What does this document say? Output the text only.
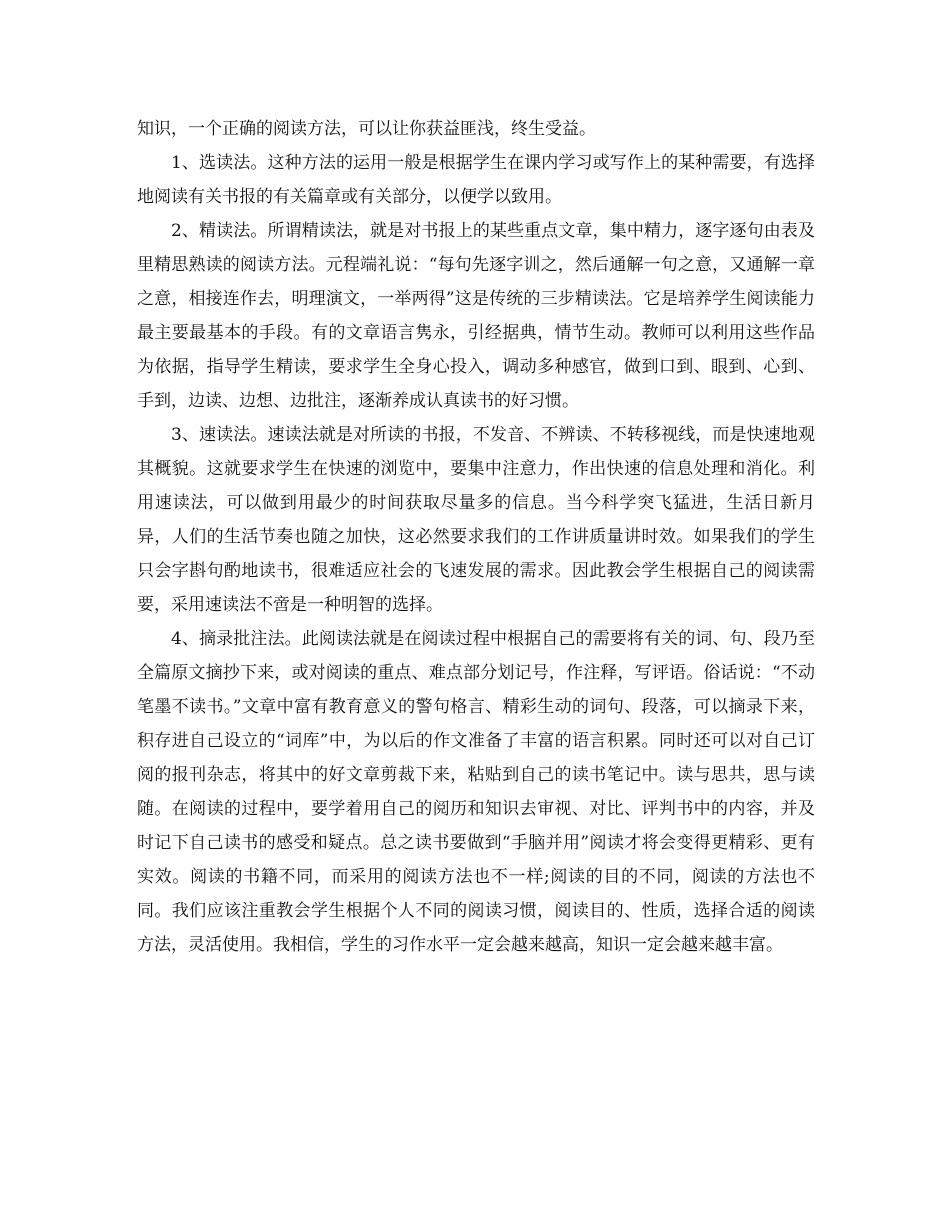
知识，一个正确的阅读方法，可以让你获益匪浅，终生受益。

1、选读法。这种方法的运用一般是根据学生在课内学习或写作上的某种需要，有选择地阅读有关书报的有关篇章或有关部分，以便学以致用。

2、精读法。所谓精读法，就是对书报上的某些重点文章，集中精力，逐字逐句由表及里精思熟读的阅读方法。元程端礼说：“每句先逐字训之，然后通解一句之意，又通解一章之意，相接连作去，明理演文，一举两得”这是传统的三步精读法。它是培养学生阅读能力最主要最基本的手段。有的文章语言隽永，引经据典，情节生动。教师可以利用这些作品为依据，指导学生精读，要求学生全身心投入，调动多种感官，做到口到、眼到、心到、手到，边读、边想、边批注，逐渐养成认真读书的好习惯。

3、速读法。速读法就是对所读的书报，不发音、不辨读、不转移视线，而是快速地观其概貌。这就要求学生在快速的浏览中，要集中注意力，作出快速的信息处理和消化。利用速读法，可以做到用最少的时间获取尽量多的信息。当今科学突飞猛进，生活日新月异，人们的生活节奏也随之加快，这必然要求我们的工作讲质量讲时效。如果我们的学生只会字斟句酌地读书，很难适应社会的飞速发展的需求。因此教会学生根据自己的阅读需要，采用速读法不啻是一种明智的选择。

4、摘录批注法。此阅读法就是在阅读过程中根据自己的需要将有关的词、句、段乃至全篇原文摘抄下来，或对阅读的重点、难点部分划记号，作注释，写评语。俗话说：“不动笔墨不读书。”文章中富有教育意义的警句格言、精彩生动的词句、段落，可以摘录下来，积存进自己设立的“词库”中，为以后的作文准备了丰富的语言积累。同时还可以对自己订阅的报刊杂志，将其中的好文章剪裁下来，粘贴到自己的读书笔记中。读与思共，思与读随。在阅读的过程中，要学着用自己的阅历和知识去审视、对比、评判书中的内容，并及时记下自己读书的感受和疑点。总之读书要做到“手脑并用”阅读才将会变得更精彩、更有实效。阅读的书籍不同，而采用的阅读方法也不一样;阅读的目的不同，阅读的方法也不同。我们应该注重教会学生根据个人不同的阅读习惯，阅读目的、性质，选择合适的阅读方法，灵活使用。我相信，学生的习作水平一定会越来越高，知识一定会越来越丰富。
